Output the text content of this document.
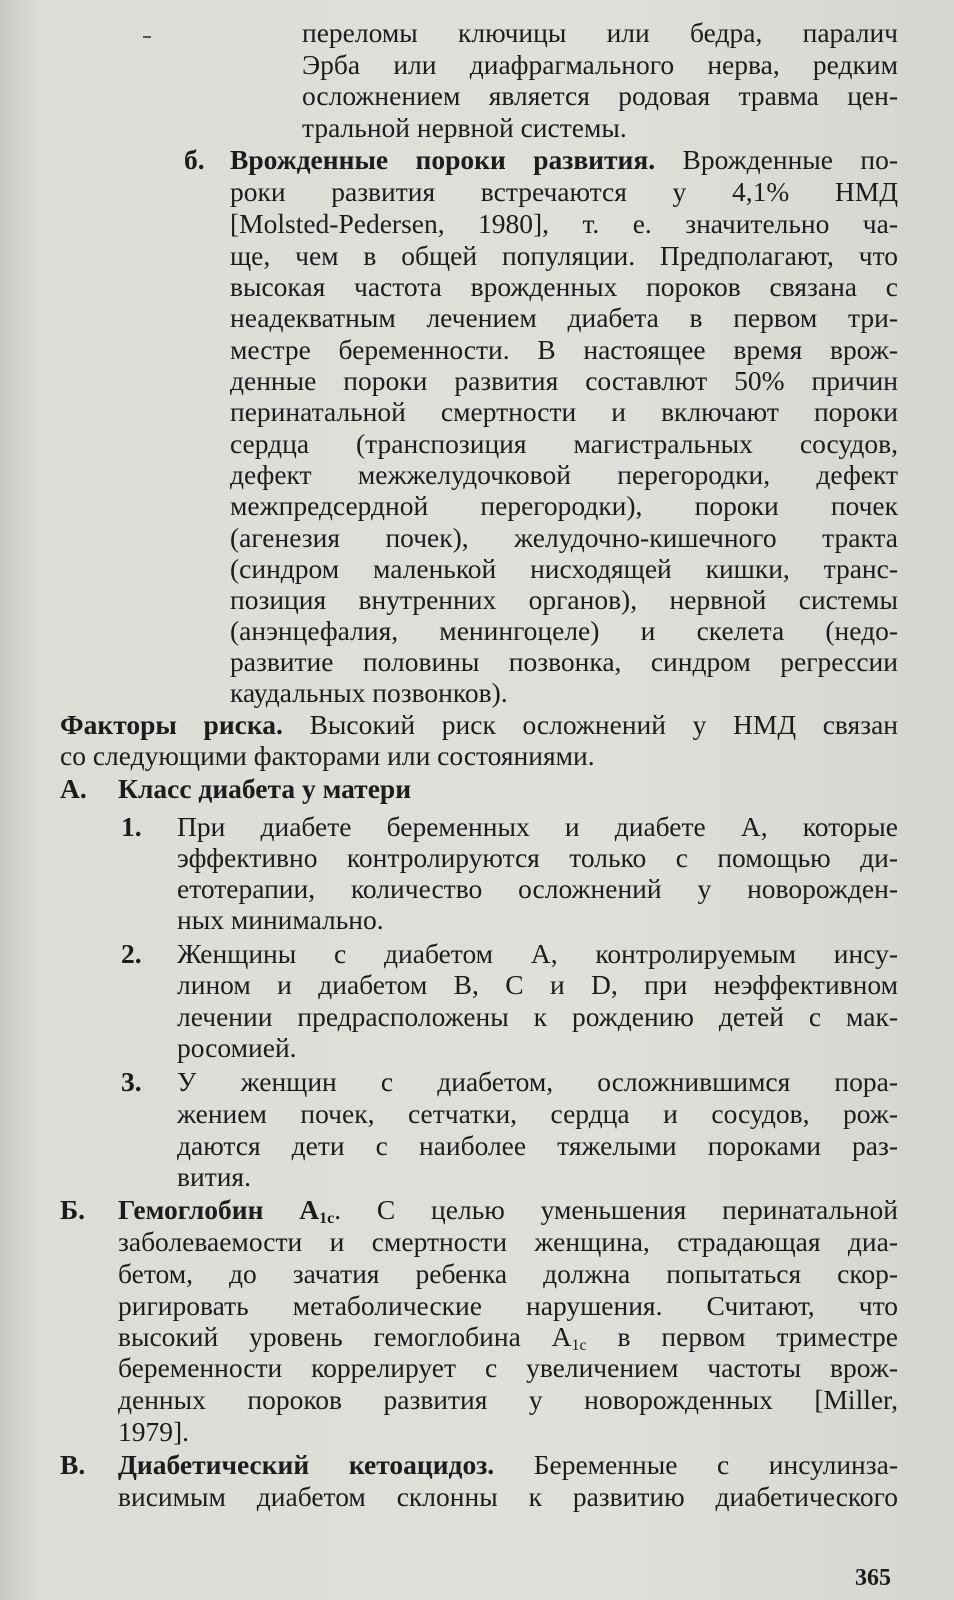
переломы ключицы или бедра, паралич
Эрба или диафрагмального нерва, редким
осложнением является родовая травма цен-
тральной нервной системы.
б. Врожденные пороки развития. Врожденные по-
роки развития встречаются у 4,1% НМД
[Molsted-Pedersen, 1980], т. е. значительно ча-
ще, чем в общей популяции. Предполагают, что
высокая частота врожденных пороков связана с
неадекватным лечением диабета в первом три-
местре беременности. В настоящее время врож-
денные пороки развития составлют 50% причин
перинатальной смертности и включают пороки
сердца (транспозиция магистральных сосудов,
дефект межжелудочковой перегородки, дефект
межпредсердной перегородки), пороки почек
(агенезия почек), желудочно-кишечного тракта
(синдром маленькой нисходящей кишки, транс-
позиция внутренних органов), нервной системы
(анэнцефалия, менингоцеле) и скелета (недо-
развитие половины позвонка, синдром регрессии
каудальных позвонков).
Факторы риска. Высокий риск осложнений у НМД связан
со следующими факторами или состояниями.
А. Класс диабета у матери
1. При диабете беременных и диабете А, которые
эффективно контролируются только с помощью ди-
етотерапии, количество осложнений у новорожден-
ных минимально.
2. Женщины с диабетом А, контролируемым инсу-
лином и диабетом В, С и D, при неэффективном
лечении предрасположены к рождению детей с мак-
росомией.
3. У женщин с диабетом, осложнившимся пора-
жением почек, сетчатки, сердца и сосудов, рож-
даются дети с наиболее тяжелыми пороками раз-
вития.
Б. Гемоглобин $А_{1c}$. С целью уменьшения перинатальной
заболеваемости и смертности женщина, страдающая диа-
бетом, до зачатия ребенка должна попытаться скор-
ригировать метаболические нарушения. Считают, что
высокий уровень гемоглобина $А_{1c}$ в первом триместре
беременности коррелирует с увеличением частоты врож-
денных пороков развития у новорожденных [Miller,
1979].
В. Диабетический кетоацидоз. Беременные с инсулинза-
висимым диабетом склонны к развитию диабетического
365
